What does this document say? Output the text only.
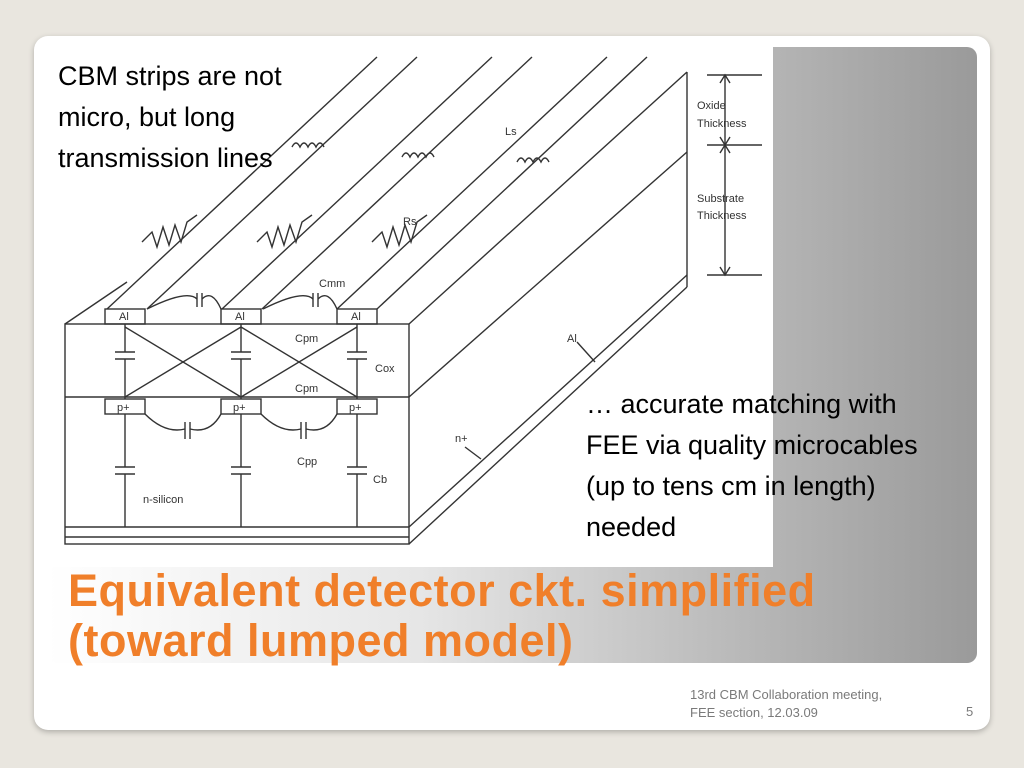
Oxide
Thickness
Substrate
Thickness
Ls
Rs
Cmm
Cpm
Cpm
Cox
Cpp
Cb
Al	Al	Al
Al
p+	p+	p+
n+
n-silicon
CBM strips are not micro, but long transmission lines
… accurate matching with FEE via quality microcables (up to tens cm in length) needed
Equivalent detector ckt. simplified
(toward lumped model)
13rd CBM Collaboration meeting, FEE section, 12.03.09	5
